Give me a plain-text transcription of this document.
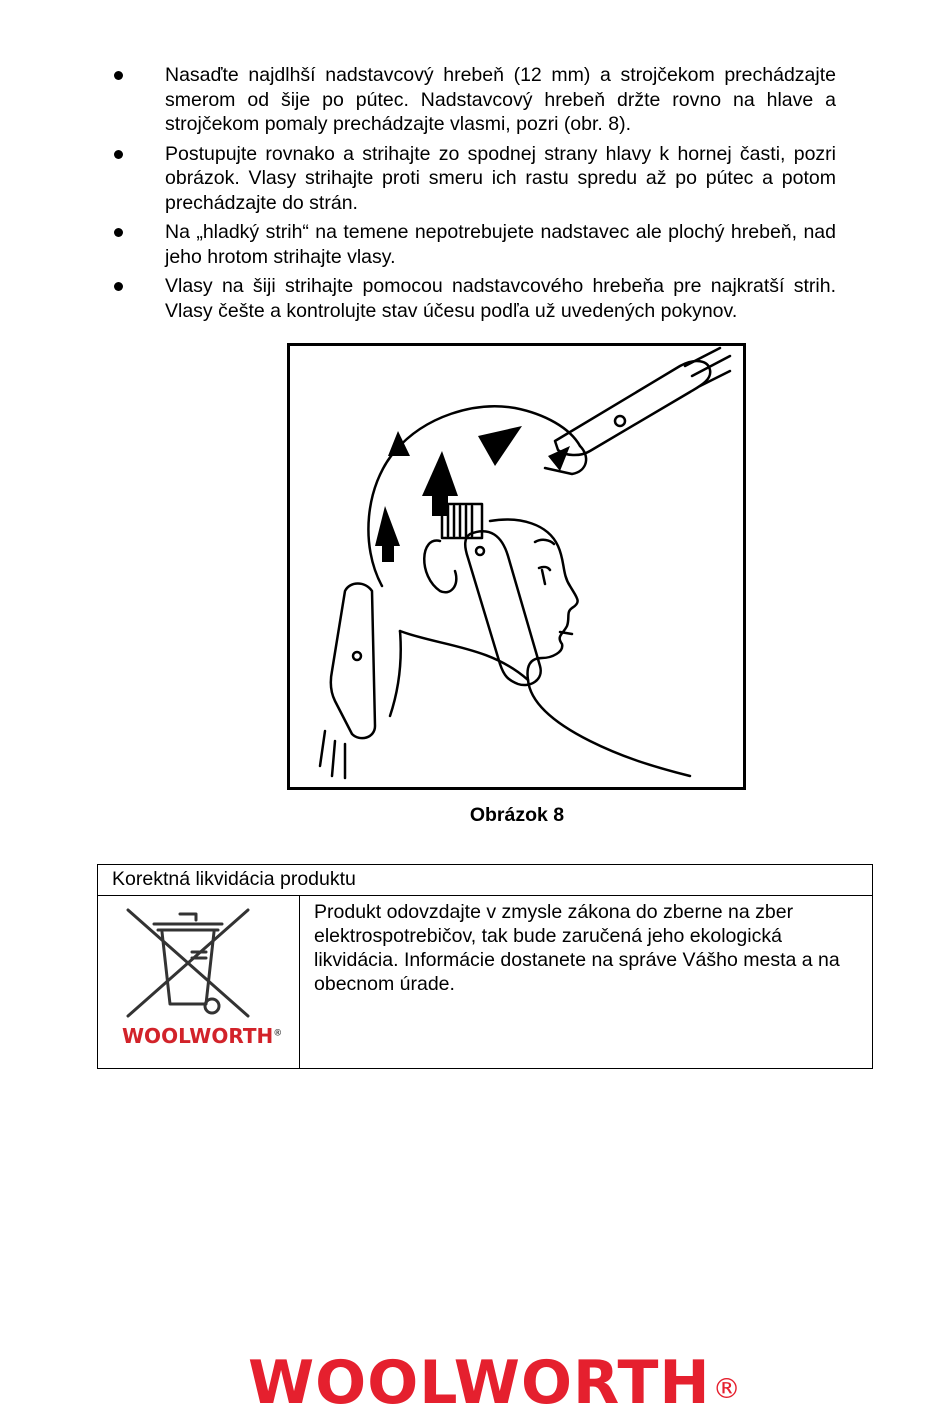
Nasaďte najdlhší nadstavcový hrebeň (12 mm) a strojčekom prechádzajte smerom od šije po pútec. Nadstavcový hrebeň držte rovno na hlave a strojčekom pomaly prechádzajte vlasmi, pozri (obr. 8).
Postupujte rovnako a strihajte zo spodnej strany hlavy k hornej časti, pozri obrázok. Vlasy strihajte proti smeru ich rastu spredu až po pútec a potom prechádzajte do strán.
Na „hladký strih“ na temene nepotrebujete nadstavec ale plochý hrebeň, nad jeho hrotom strihajte vlasy.
Vlasy na šiji strihajte pomocou nadstavcového hrebeňa pre najkratší strih. Vlasy češte a kontrolujte stav účesu podľa už uvedených pokynov.
Obrázok 8
Korektná likvidácia produktu
WOOLWORTH®
Produkt odovzdajte v zmysle zákona do zberne na zber elektrospotrebičov, tak bude zaručená jeho ekologická likvidácia. Informácie dostanete na správe Vášho mesta a na obecnom úrade.
WOOLWORTH®
